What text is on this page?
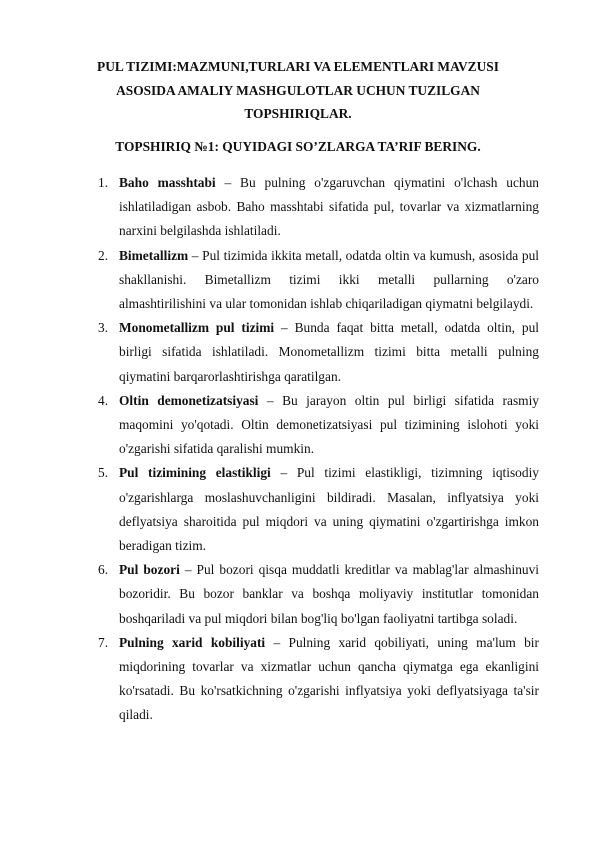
PUL TIZIMI:MAZMUNI,TURLARI VA ELEMENTLARI MAVZUSI
ASOSIDA AMALIY MASHGULOTLAR UCHUN TUZILGAN
TOPSHIRIQLAR.
TOPSHIRIQ №1: QUYIDAGI SO’ZLARGA TA’RIF BERING.
1. Baho masshtabi – Bu pulning o'zgaruvchan qiymatini o'lchash uchun ishlatiladigan asbob. Baho masshtabi sifatida pul, tovarlar va xizmatlarning narxini belgilashda ishlatiladi.

2. Bimetallizm – Pul tizimida ikkita metall, odatda oltin va kumush, asosida pul shakllanishi. Bimetallizm tizimi ikki metalli pullarning o'zaro almashtirilishini va ular tomonidan ishlab chiqariladigan qiymatni belgilaydi.

3. Monometallizm pul tizimi – Bunda faqat bitta metall, odatda oltin, pul birligi sifatida ishlatiladi. Monometallizm tizimi bitta metalli pulning qiymatini barqarorlashtirishga qaratilgan.

4. Oltin demonetizatsiyasi – Bu jarayon oltin pul birligi sifatida rasmiy maqomini yo'qotadi. Oltin demonetizatsiyasi pul tizimining islohoti yoki o'zgarishi sifatida qaralishi mumkin.

5. Pul tizimining elastikligi – Pul tizimi elastikligi, tizimning iqtisodiy o'zgarishlarga moslashuvchanligini bildiradi. Masalan, inflyatsiya yoki deflyatsiya sharoitida pul miqdori va uning qiymatini o'zgartirishga imkon beradigan tizim.

6. Pul bozori – Pul bozori qisqa muddatli kreditlar va mablag'lar almashinuvi bozoridir. Bu bozor banklar va boshqa moliyaviy institutlar tomonidan boshqariladi va pul miqdori bilan bog'liq bo'lgan faoliyatni tartibga soladi.

7. Pulning xarid kobiliyati – Pulning xarid qobiliyati, uning ma'lum bir miqdorining tovarlar va xizmatlar uchun qancha qiymatga ega ekanligini ko'rsatadi. Bu ko'rsatkichning o'zgarishi inflyatsiya yoki deflyatsiyaga ta'sir qiladi.
